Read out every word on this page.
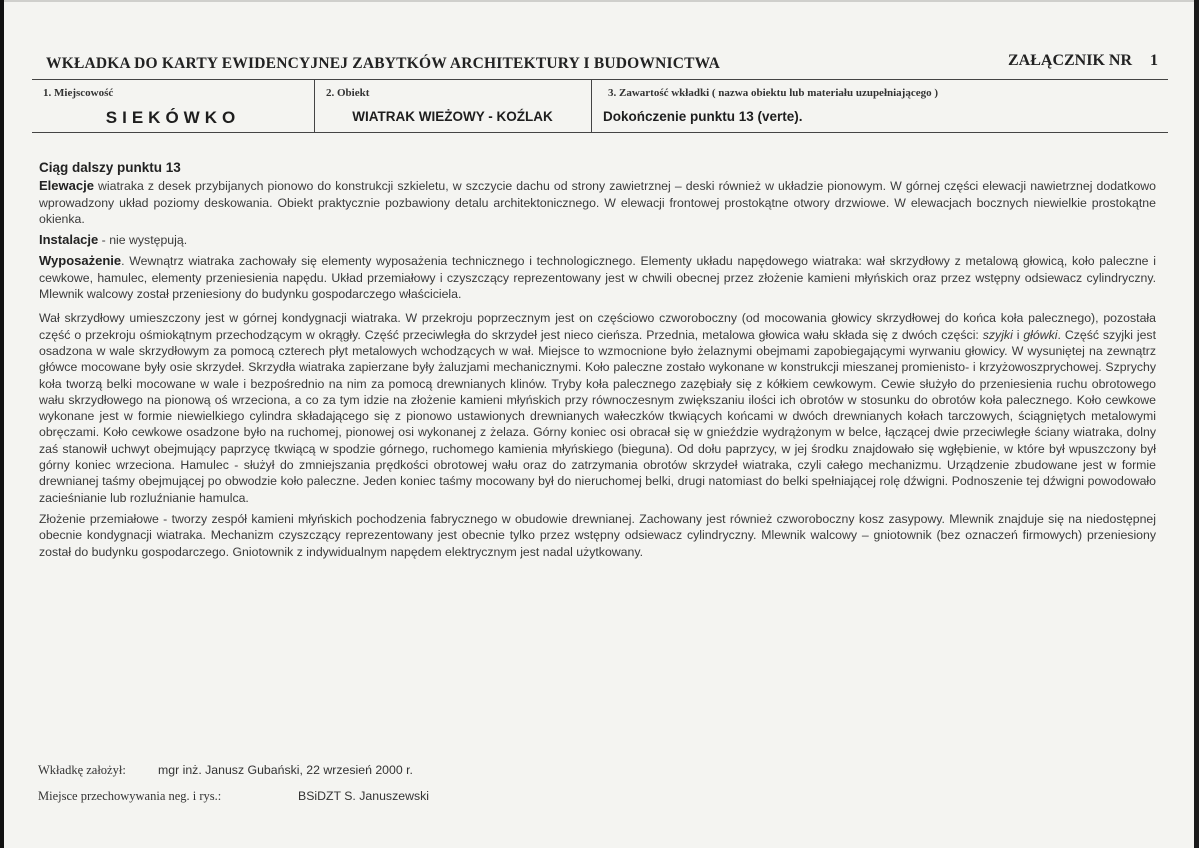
WKŁADKA DO KARTY EWIDENCYJNEJ ZABYTKÓW ARCHITEKTURY I BUDOWNICTWA	ZAŁĄCZNIK NR 1
1. Miejscowość
SIEKÓWKO
2. Obiekt
WIATRAK WIEŻOWY - KOŹLAK
3. Zawartość wkładki ( nazwa obiektu lub materiału uzupełniającego )
Dokończenie punktu 13 (verte).

Ciąg dalszy punktu 13

Elewacje wiatraka z desek przybijanych pionowo do konstrukcji szkieletu, w szczycie dachu od strony zawietrznej – deski również w układzie pionowym. W górnej części elewacji nawietrznej dodatkowo wprowadzony układ poziomy deskowania. Obiekt praktycznie pozbawiony detalu architektonicznego. W elewacji frontowej prostokątne otwory drzwiowe. W elewacjach bocznych niewielkie prostokątne okienka.

Instalacje - nie występują.

Wyposażenie. Wewnątrz wiatraka zachowały się elementy wyposażenia technicznego i technologicznego. Elementy układu napędowego wiatraka: wał skrzydłowy z metalową głowicą, koło paleczne i cewkowe, hamulec, elementy przeniesienia napędu. Układ przemiałowy i czyszczący reprezentowany jest w chwili obecnej przez złożenie kamieni młyńskich oraz przez wstępny odsiewacz cylindryczny. Mlewnik walcowy został przeniesiony do budynku gospodarczego właściciela.

Wał skrzydłowy umieszczony jest w górnej kondygnacji wiatraka. W przekroju poprzecznym jest on częściowo czworoboczny (od mocowania głowicy skrzydłowej do końca koła palecznego), pozostała część o przekroju ośmiokątnym przechodzącym w okrągły. Część przeciwległa do skrzydeł jest nieco cieńsza. Przednia, metalowa głowica wału składa się z dwóch części: szyjki i główki. Część szyjki jest osadzona w wale skrzydłowym za pomocą czterech płyt metalowych wchodzących w wał. Miejsce to wzmocnione było żelaznymi obejmami zapobiegającymi wyrwaniu głowicy. W wysuniętej na zewnątrz główce mocowane były osie skrzydeł. Skrzydła wiatraka zapierzane były żaluzjami mechanicznymi. Koło paleczne zostało wykonane w konstrukcji mieszanej promienisto- i krzyżowoszprychowej. Szprychy koła tworzą belki mocowane w wale i bezpośrednio na nim za pomocą drewnianych klinów. Tryby koła palecznego zazębiały się z kółkiem cewkowym. Cewie służyło do przeniesienia ruchu obrotowego wału skrzydłowego na pionową oś wrzeciona, a co za tym idzie na złożenie kamieni młyńskich przy równoczesnym zwiększaniu ilości ich obrotów w stosunku do obrotów koła palecznego. Koło cewkowe wykonane jest w formie niewielkiego cylindra składającego się z pionowo ustawionych drewnianych wałeczków tkwiących końcami w dwóch drewnianych kołach tarczowych, ściągniętych metalowymi obręczami. Koło cewkowe osadzone było na ruchomej, pionowej osi wykonanej z żelaza. Górny koniec osi obracał się w gnieździe wydrążonym w belce, łączącej dwie przeciwległe ściany wiatraka, dolny zaś stanowił uchwyt obejmujący paprzycę tkwiącą w spodzie górnego, ruchomego kamienia młyńskiego (biegunа). Od dołu paprzycy, w jej środku znajdowało się wgłębienie, w które był wpuszczony był górny koniec wrzeciona. Hamulec - służył do zmniejszania prędkości obrotowej wału oraz do zatrzymania obrotów skrzydeł wiatraka, czyli całego mechanizmu. Urządzenie zbudowane jest w formie drewnianej taśmy obejmującej po obwodzie koło paleczne. Jeden koniec taśmy mocowany był do nieruchomej belki, drugi natomiast do belki spełniającej rolę dźwigni. Podnoszenie tej dźwigni powodowało zacieśnianie lub rozluźnianie hamulca.

Złożenie przemiałowe - tworzy zespół kamieni młyńskich pochodzenia fabrycznego w obudowie drewnianej. Zachowany jest również czworoboczny kosz zasypowy. Mlewnik znajduje się na niedostępnej obecnie kondygnacji wiatraka. Mechanizm czyszczący reprezentowany jest obecnie tylko przez wstępny odsiewacz cylindryczny. Mlewnik walcowy – gniotownik (bez oznaczeń firmowych) przeniesiony został do budynku gospodarczego. Gniotownik z indywidualnym napędem elektrycznym jest nadal użytkowany.

Wkładkę założył:	mgr inż. Janusz Gubański, 22 wrzesień 2000 r.
Miejsce przechowywania neg. i rys.:	BSiDZT S. Januszewski
